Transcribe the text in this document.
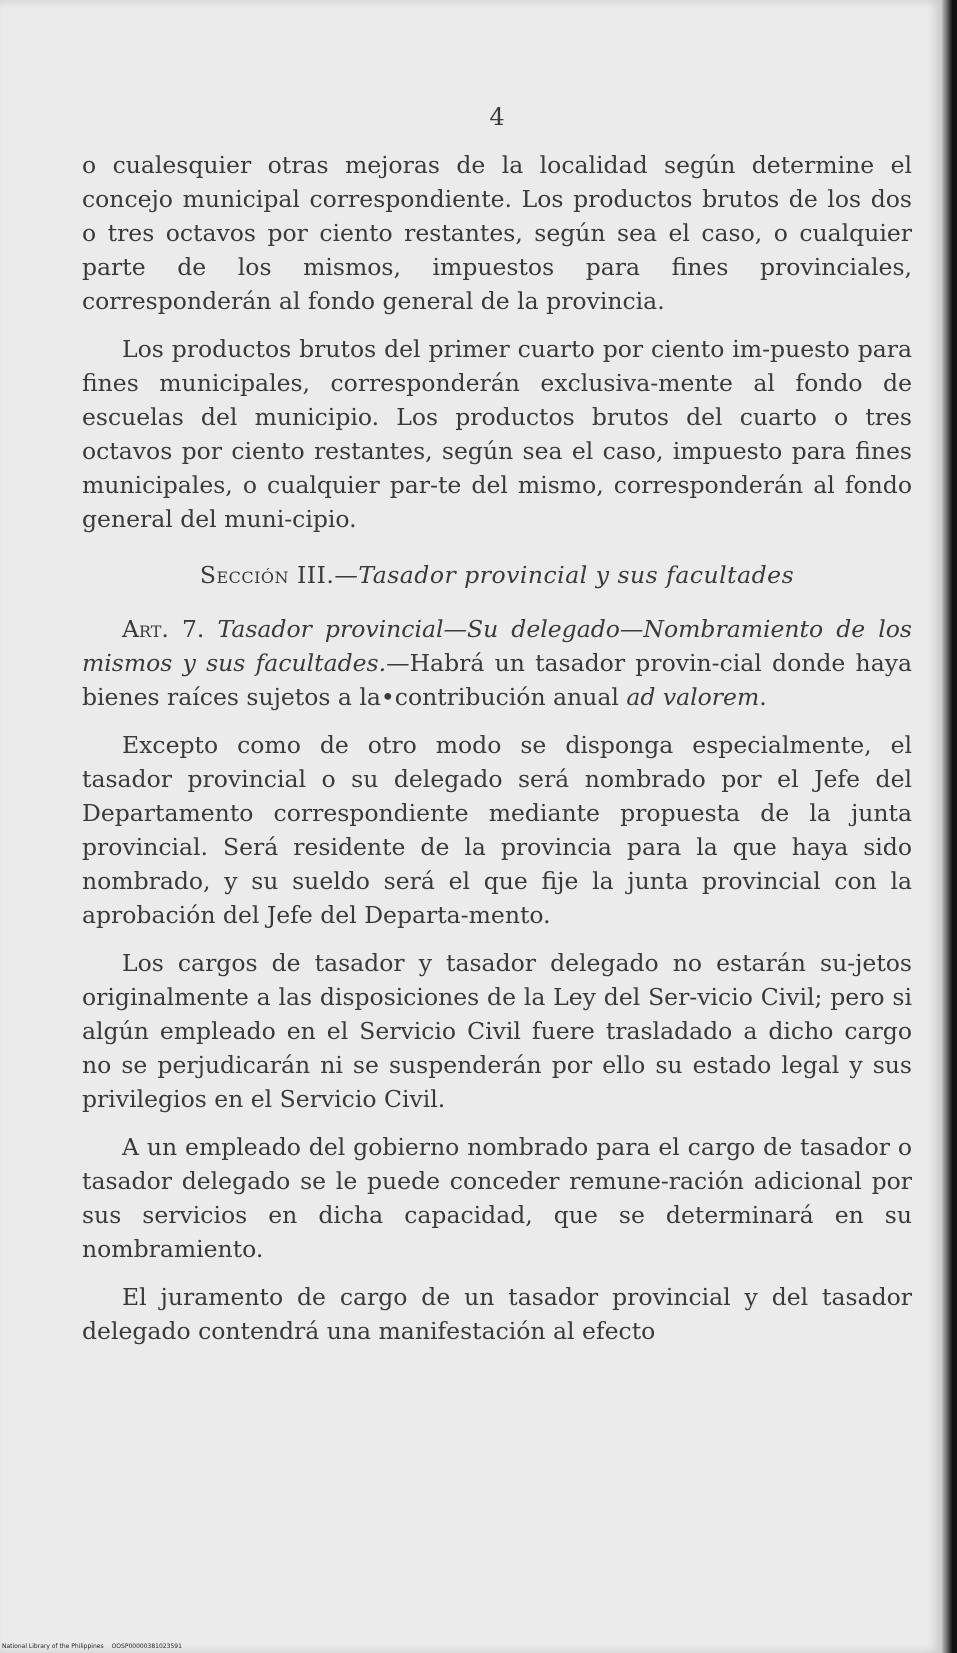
4

o cualesquier otras mejoras de la localidad según determine el concejo municipal correspondiente. Los productos brutos de los dos o tres octavos por ciento restantes, según sea el caso, o cualquier parte de los mismos, impuestos para fines provinciales, corresponderán al fondo general de la provincia.

Los productos brutos del primer cuarto por ciento im-puesto para fines municipales, corresponderán exclusiva-mente al fondo de escuelas del municipio. Los productos brutos del cuarto o tres octavos por ciento restantes, según sea el caso, impuesto para fines municipales, o cualquier par-te del mismo, corresponderán al fondo general del muni-cipio.

Sección III.—Tasador provincial y sus facultades

Art. 7. Tasador provincial—Su delegado—Nombramiento de los mismos y sus facultades.—Habrá un tasador provin-cial donde haya bienes raíces sujetos a la•contribución anual ad valorem.

Excepto como de otro modo se disponga especialmente, el tasador provincial o su delegado será nombrado por el Jefe del Departamento correspondiente mediante propuesta de la junta provincial. Será residente de la provincia para la que haya sido nombrado, y su sueldo será el que fije la junta provincial con la aprobación del Jefe del Departa-mento.

Los cargos de tasador y tasador delegado no estarán su-jetos originalmente a las disposiciones de la Ley del Ser-vicio Civil; pero si algún empleado en el Servicio Civil fuere trasladado a dicho cargo no se perjudicarán ni se suspenderán por ello su estado legal y sus privilegios en el Servicio Civil.

A un empleado del gobierno nombrado para el cargo de tasador o tasador delegado se le puede conceder remune-ración adicional por sus servicios en dicha capacidad, que se determinará en su nombramiento.

El juramento de cargo de un tasador provincial y del tasador delegado contendrá una manifestación al efecto

National Library of the Philippines OOSP00000381023591
